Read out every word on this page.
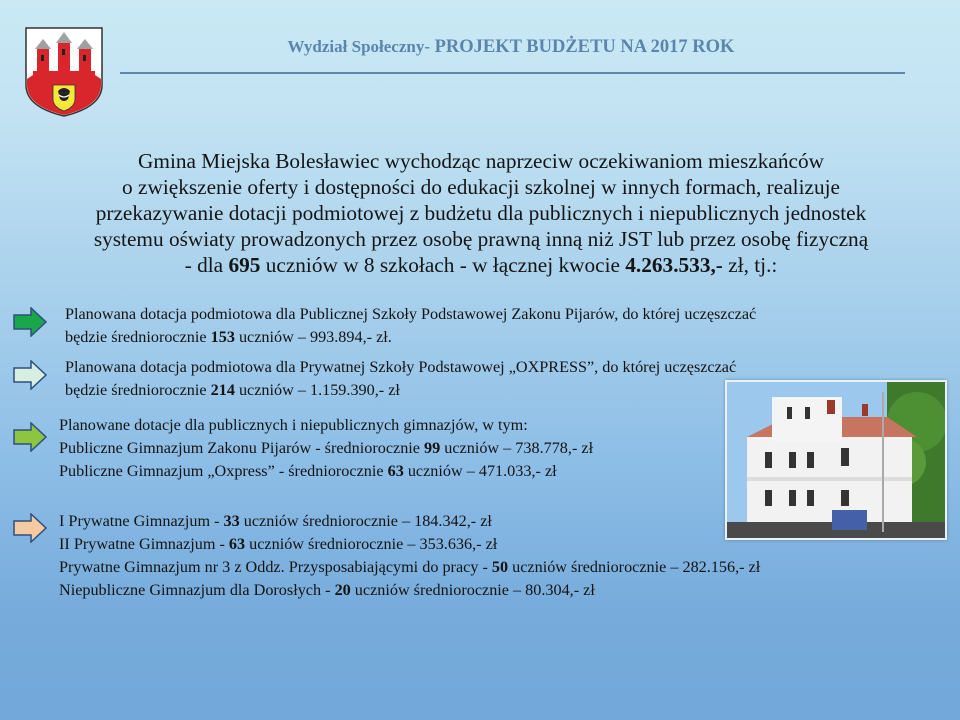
Wydział Społeczny- PROJEKT BUDŻETU NA 2017 ROK
Gmina Miejska Bolesławiec wychodząc naprzeciw oczekiwaniom mieszkańców
o zwiększenie oferty i dostępności do edukacji szkolnej w innych formach, realizuje
przekazywanie dotacji podmiotowej z budżetu dla publicznych i niepublicznych jednostek
systemu oświaty prowadzonych przez osobę prawną inną niż JST lub przez osobę fizyczną
- dla 695 uczniów w 8 szkołach - w łącznej kwocie 4.263.533,- zł, tj.:
Planowana dotacja podmiotowa dla Publicznej Szkoły Podstawowej Zakonu Pijarów, do której uczęszczać
będzie średniorocznie 153 uczniów – 993.894,- zł.
Planowana dotacja podmiotowa dla Prywatnej Szkoły Podstawowej „OXPRESS”, do której uczęszczać
będzie średniorocznie 214 uczniów – 1.159.390,- zł
Planowane dotacje dla publicznych i niepublicznych gimnazjów, w tym:
Publiczne Gimnazjum Zakonu Pijarów - średniorocznie 99 uczniów – 738.778,- zł
Publiczne Gimnazjum „Oxpress” - średniorocznie 63 uczniów – 471.033,- zł
I Prywatne Gimnazjum - 33 uczniów średniorocznie – 184.342,- zł
II Prywatne Gimnazjum - 63 uczniów średniorocznie – 353.636,- zł
Prywatne Gimnazjum nr 3 z Oddz. Przysposabiającymi do pracy - 50 uczniów średniorocznie – 282.156,- zł
Niepubliczne Gimnazjum dla Dorosłych - 20 uczniów średniorocznie – 80.304,- zł
